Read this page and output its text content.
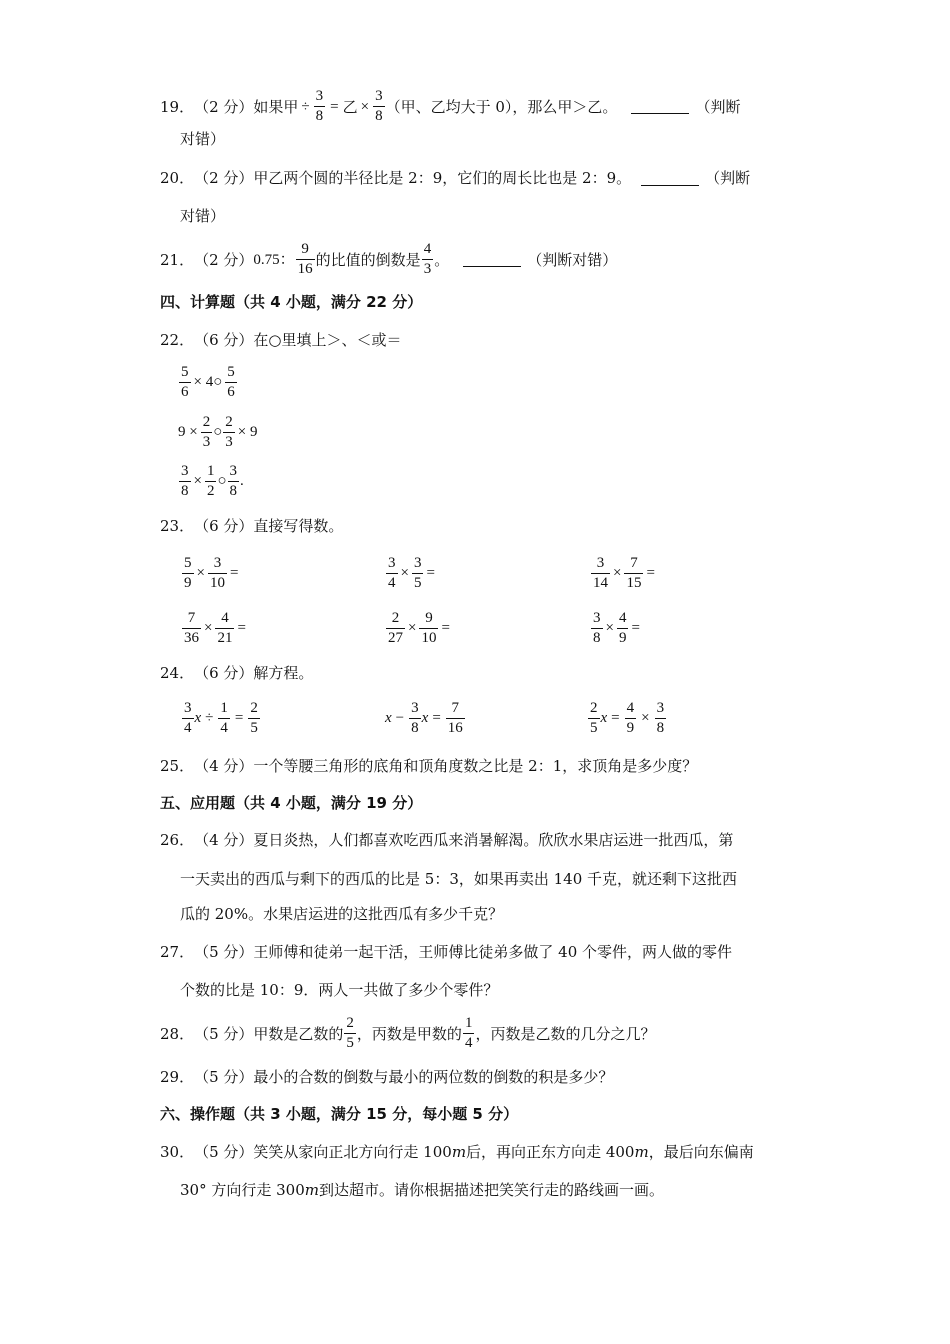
19． （2 分） 如果甲 ÷ $\frac{3}{8}$ = 乙 × $\frac{3}{8}$ （甲、乙均大于 0），那么甲＞乙。	（判断
对错）
20． （2 分） 甲乙两个圆的半径比是 2：9，它们的周长比也是 2：9。	（判断
对错）
21． （2 分） 0.75： $\frac{9}{16}$ 的比值的倒数是 $\frac{4}{3}$ 。	（判断对错）
四、计算题（共 4 小题，满分 22 分）
22． （6 分） 在○里填上＞、＜或＝
$\frac{5}{6}$ × 4○ $\frac{5}{6}$
$9 \times \frac{2}{3}$ ○ $\frac{2}{3} \times 9$
$\frac{3}{8} \times \frac{1}{2}$ ○ $\frac{3}{8}$ .
23． （6 分） 直接写得数。
$\frac{5}{9} \times \frac{3}{10}$ =	$\frac{3}{4} \times \frac{3}{5}$ =	$\frac{3}{14} \times \frac{7}{15}$ =
$\frac{7}{36} \times \frac{4}{21}$ =	$\frac{2}{27} \times \frac{9}{10}$ =	$\frac{3}{8} \times \frac{4}{9}$ =
24． （6 分） 解方程。
$\frac{3}{4}$ $x \div \frac{1}{4} = \frac{2}{5}$	$x - \frac{3}{8}$ $x = \frac{7}{16}$	$\frac{2}{5}$ $x = \frac{4}{9} \times \frac{3}{8}$
25． （4 分） 一个等腰三角形的底角和顶角度数之比是 2：1，求顶角是多少度？
五、应用题（共 4 小题，满分 19 分）
26． （4 分） 夏日炎热，人们都喜欢吃西瓜来消暑解渴。欣欣水果店运进一批西瓜，第
一天卖出的西瓜与剩下的西瓜的比是 5：3，如果再卖出 140 千克，就还剩下这批西
瓜的 20%。水果店运进的这批西瓜有多少千克？
27． （5 分） 王师傅和徒弟一起干活，王师傅比徒弟多做了 40 个零件，两人做的零件
个数的比是 10：9．两人一共做了多少个零件？
28． （5 分） 甲数是乙数的 $\frac{2}{5}$ ，丙数是甲数的 $\frac{1}{4}$ ，丙数是乙数的几分之几？
29． （5 分） 最小的合数的倒数与最小的两位数的倒数的积是多少？
六、操作题（共 3 小题，满分 15 分，每小题 5 分）
30． （5 分） 笑笑从家向正北方向行走 100 m 后，再向正东方向走 400 m ，最后向东偏南
30° 方向行走 300 m 到达超市。请你根据描述把笑笑行走的路线画一画。
